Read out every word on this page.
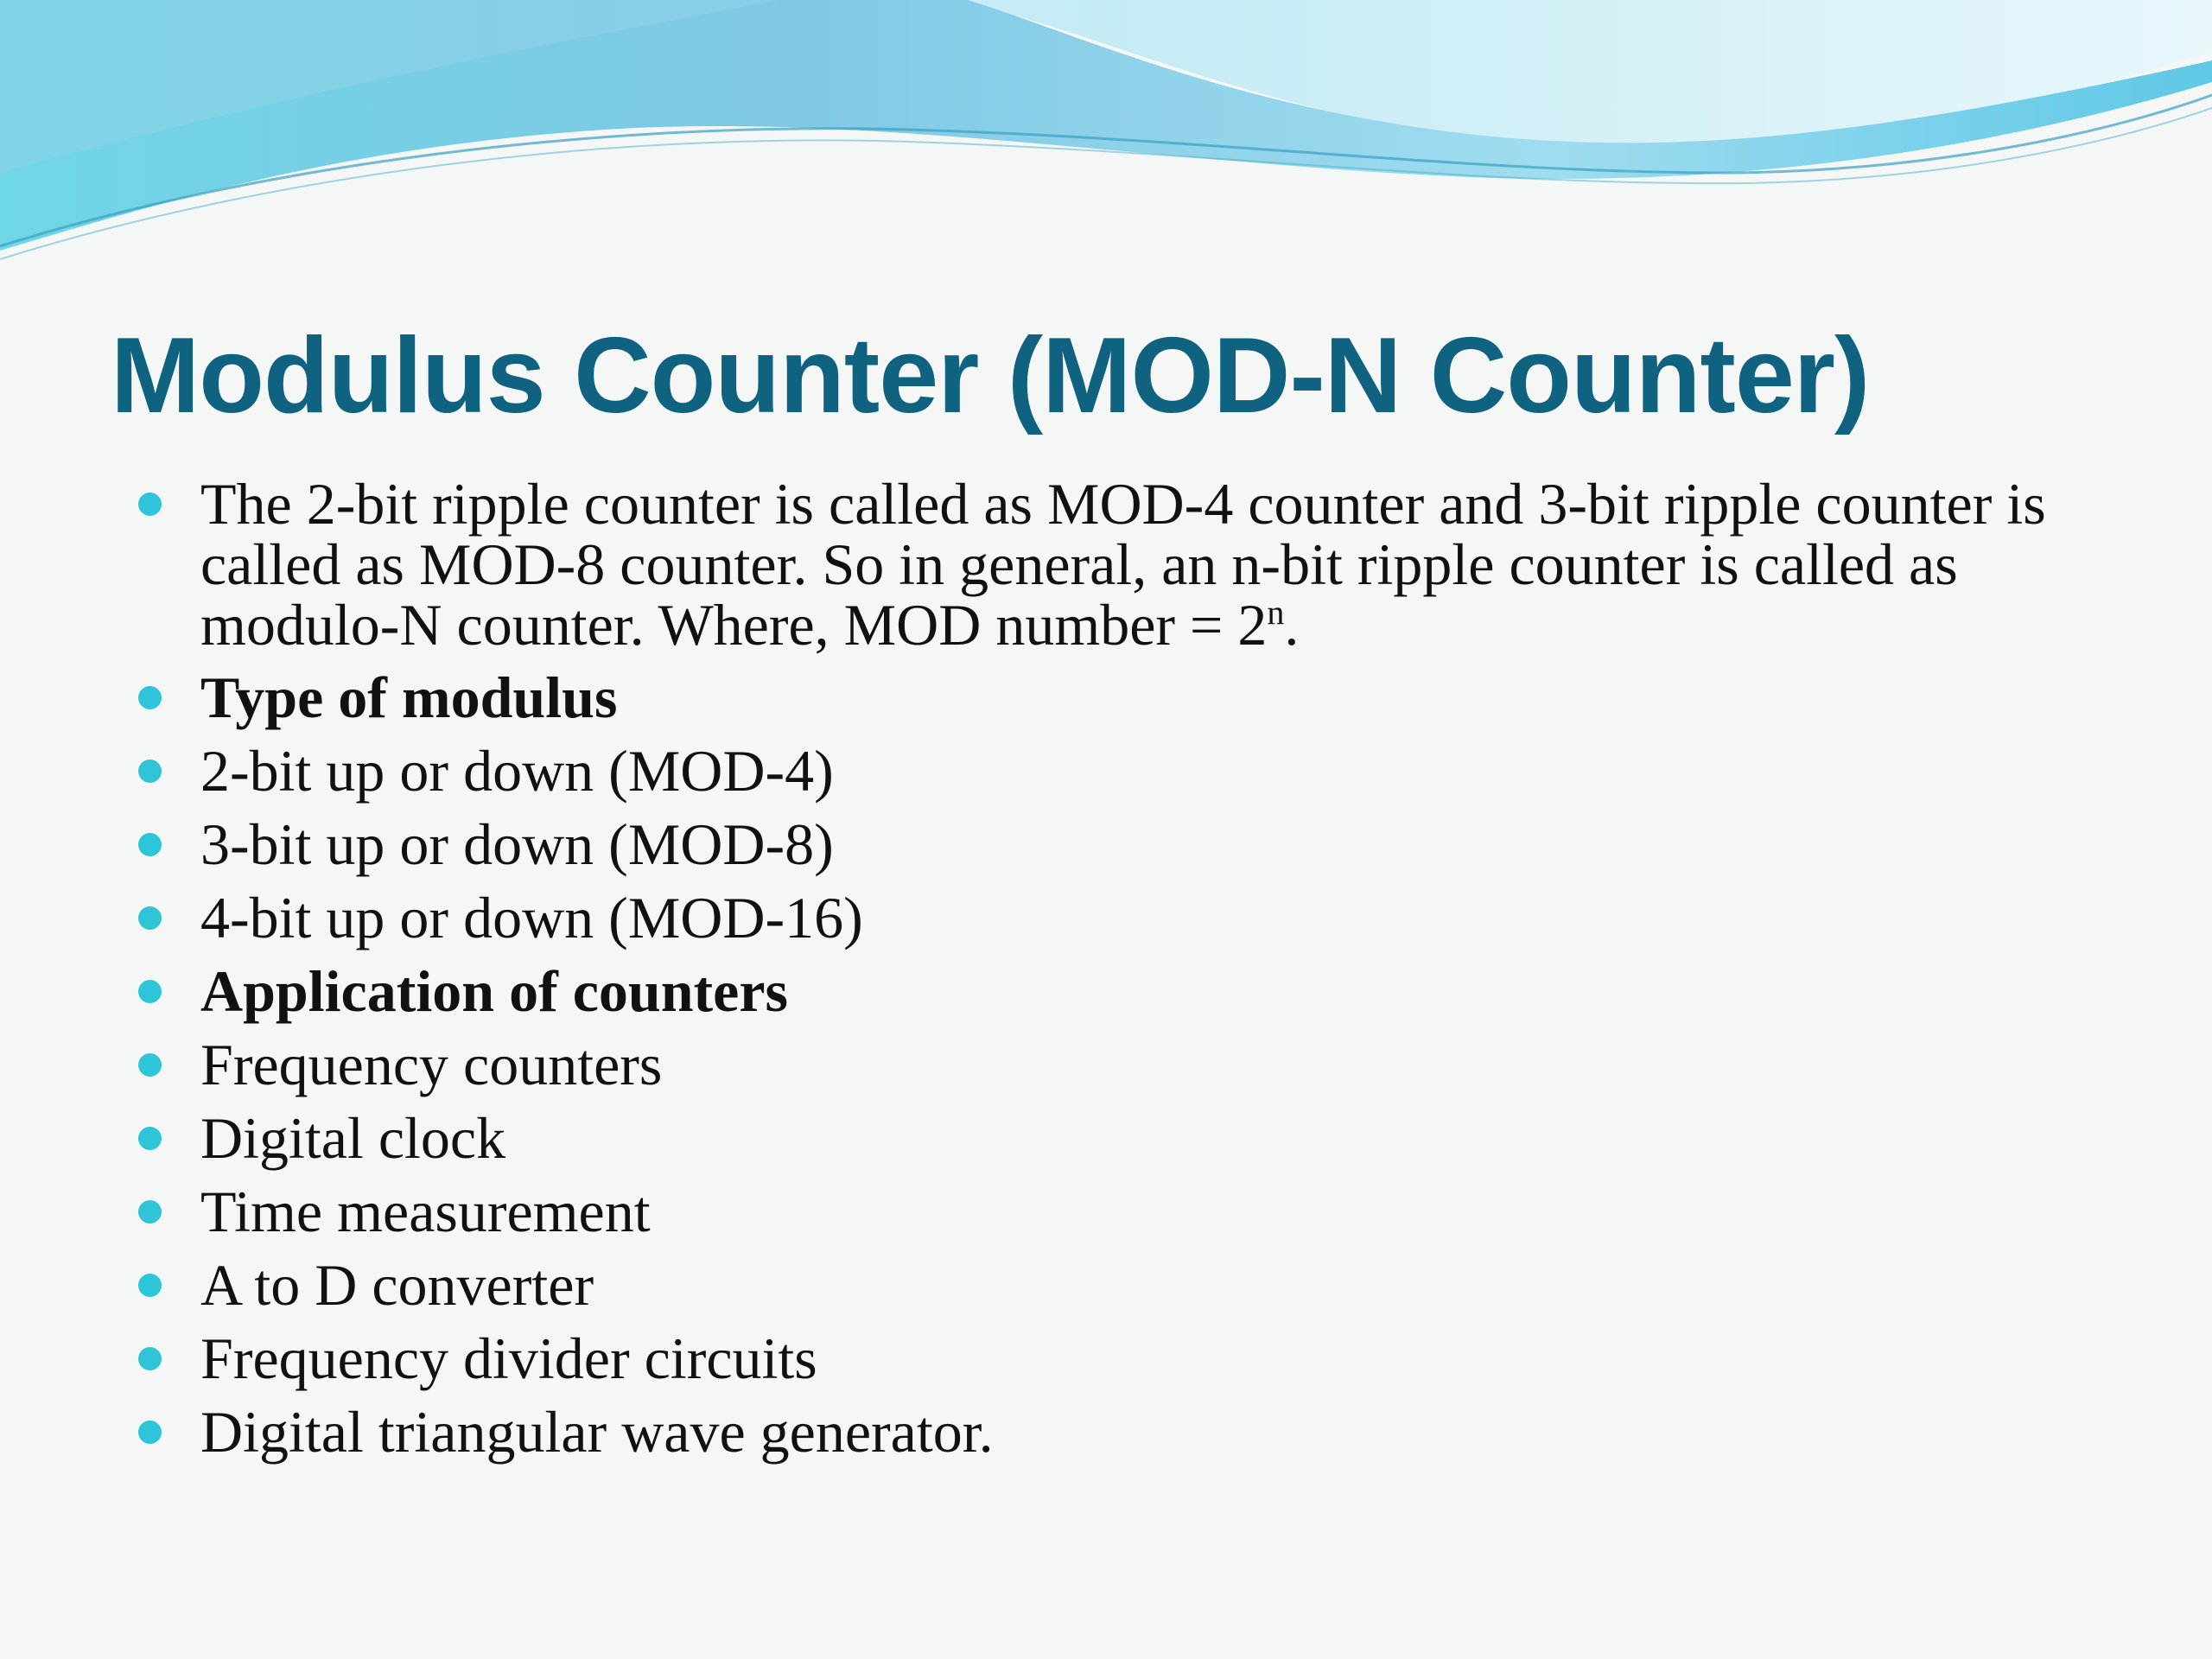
Modulus Counter (MOD-N Counter)
The 2-bit ripple counter is called as MOD-4 counter and 3-bit ripple counter is called as MOD-8 counter. So in general, an n-bit ripple counter is called as modulo-N counter. Where, MOD number = $2^n$.
Type of modulus
2-bit up or down (MOD-4)
3-bit up or down (MOD-8)
4-bit up or down (MOD-16)
Application of counters
Frequency counters
Digital clock
Time measurement
A to D converter
Frequency divider circuits
Digital triangular wave generator.
